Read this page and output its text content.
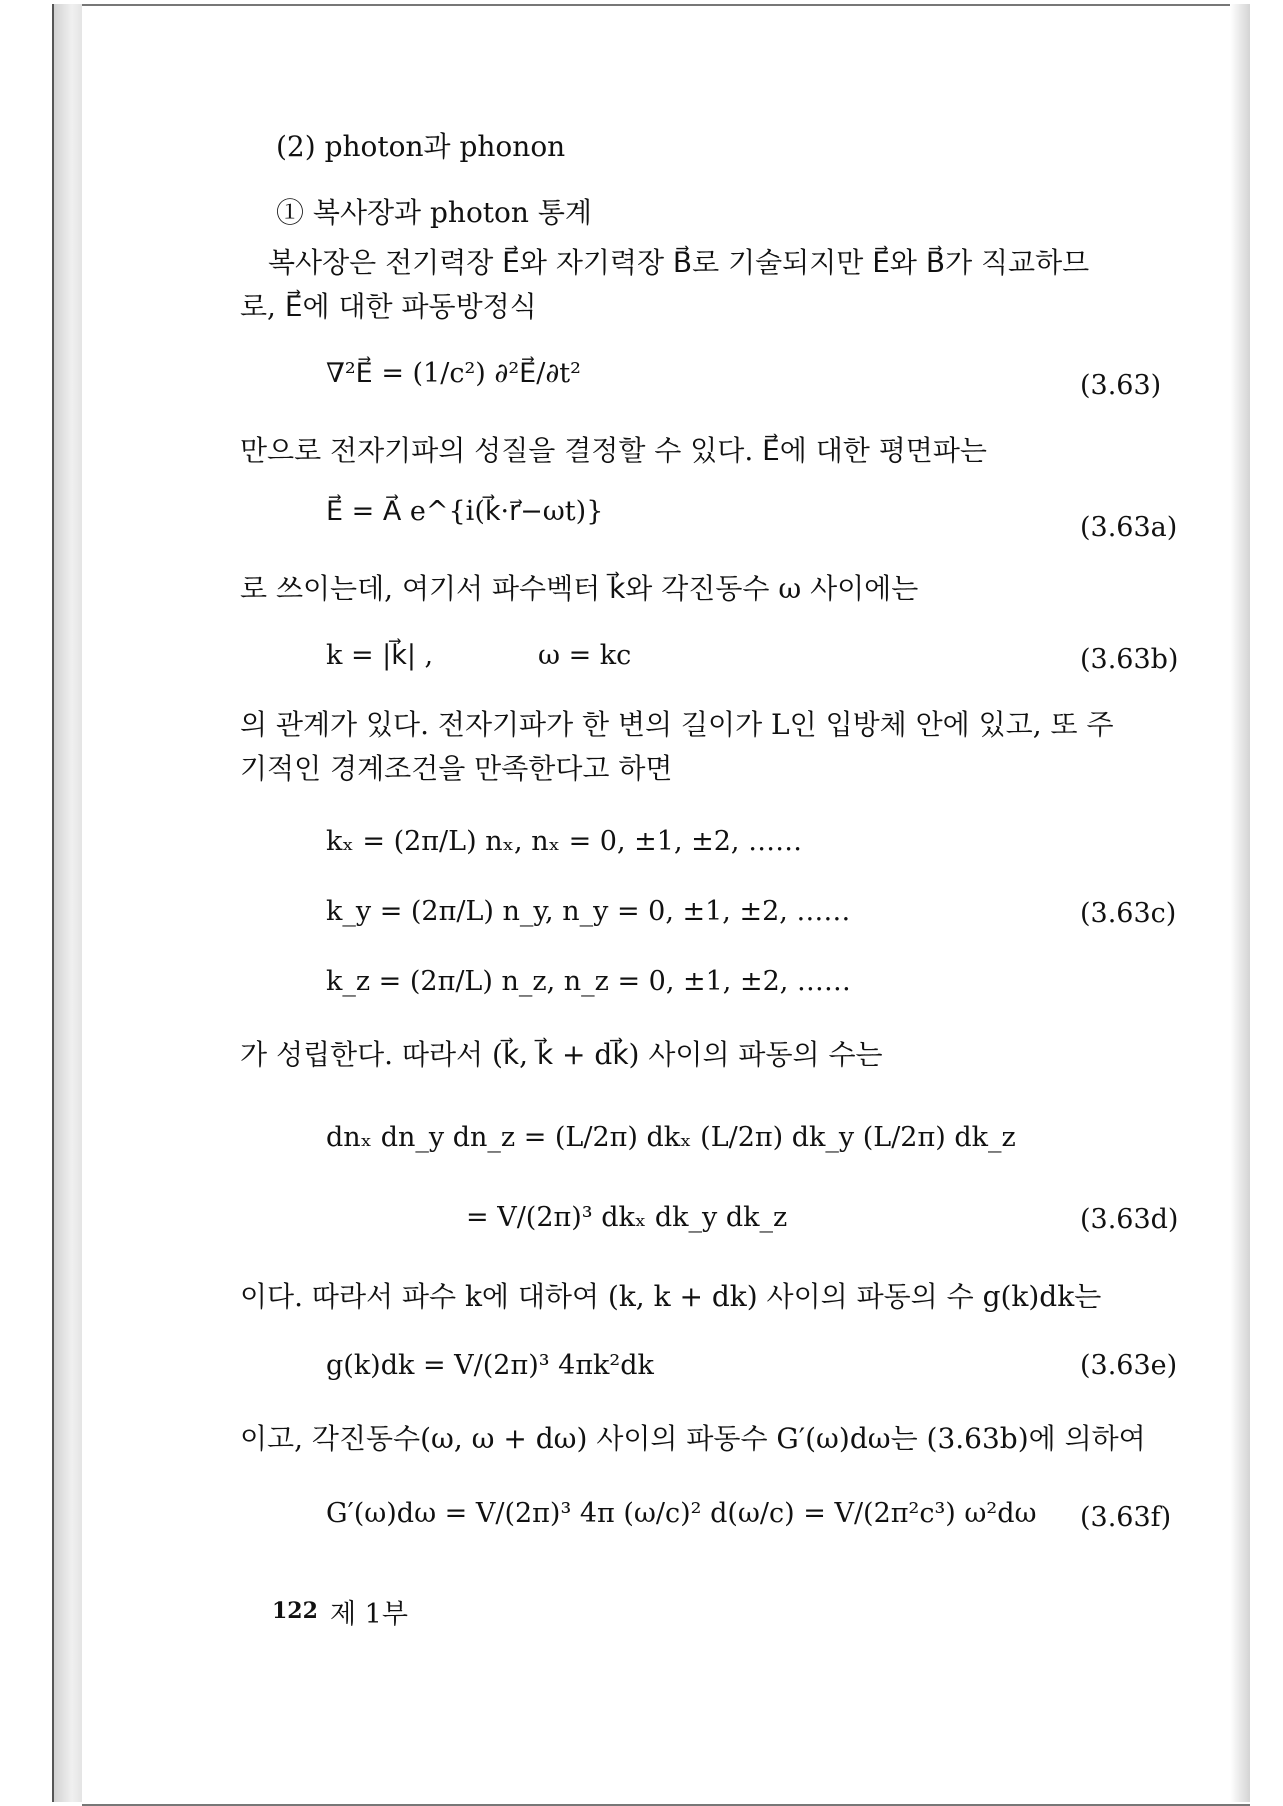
(2) photon과 phonon
① 복사장과 photon 통계
복사장은 전기력장 E⃗와 자기력장 B⃗로 기술되지만 E⃗와 B⃗가 직교하므
로, E⃗에 대한 파동방정식
∇²E⃗ = (1/c²) ∂²E⃗/∂t²	(3.63)
만으로 전자기파의 성질을 결정할 수 있다. E⃗에 대한 평면파는
E⃗ = A⃗ e^{i(k⃗·r⃗−ωt)}
(3.63a)
로 쓰이는데, 여기서 파수벡터 k⃗와 각진동수 ω 사이에는
k = |k⃗| ,	ω = kc	(3.63b)
의 관계가 있다. 전자기파가 한 변의 길이가 L인 입방체 안에 있고, 또 주
기적인 경계조건을 만족한다고 하면
kₓ = (2π/L) nₓ, nₓ = 0, ±1, ±2, ……
k_y = (2π/L) n_y, n_y = 0, ±1, ±2, ……
k_z = (2π/L) n_z, n_z = 0, ±1, ±2, ……
(3.63c)
가 성립한다. 따라서 (k⃗, k⃗ + dk⃗) 사이의 파동의 수는
dnₓ dn_y dn_z = (L/2π) dkₓ (L/2π) dk_y (L/2π) dk_z
= V/(2π)³ dkₓ dk_y dk_z	(3.63d)
이다. 따라서 파수 k에 대하여 (k, k + dk) 사이의 파동의 수 g(k)dk는
g(k)dk = V/(2π)³ 4πk²dk	(3.63e)
이고, 각진동수(ω, ω + dω) 사이의 파동수 G′(ω)dω는 (3.63b)에 의하여
G′(ω)dω = V/(2π)³ 4π (ω/c)² d(ω/c) = V/(2π²c³) ω²dω (3.63f)
122 제 1부
